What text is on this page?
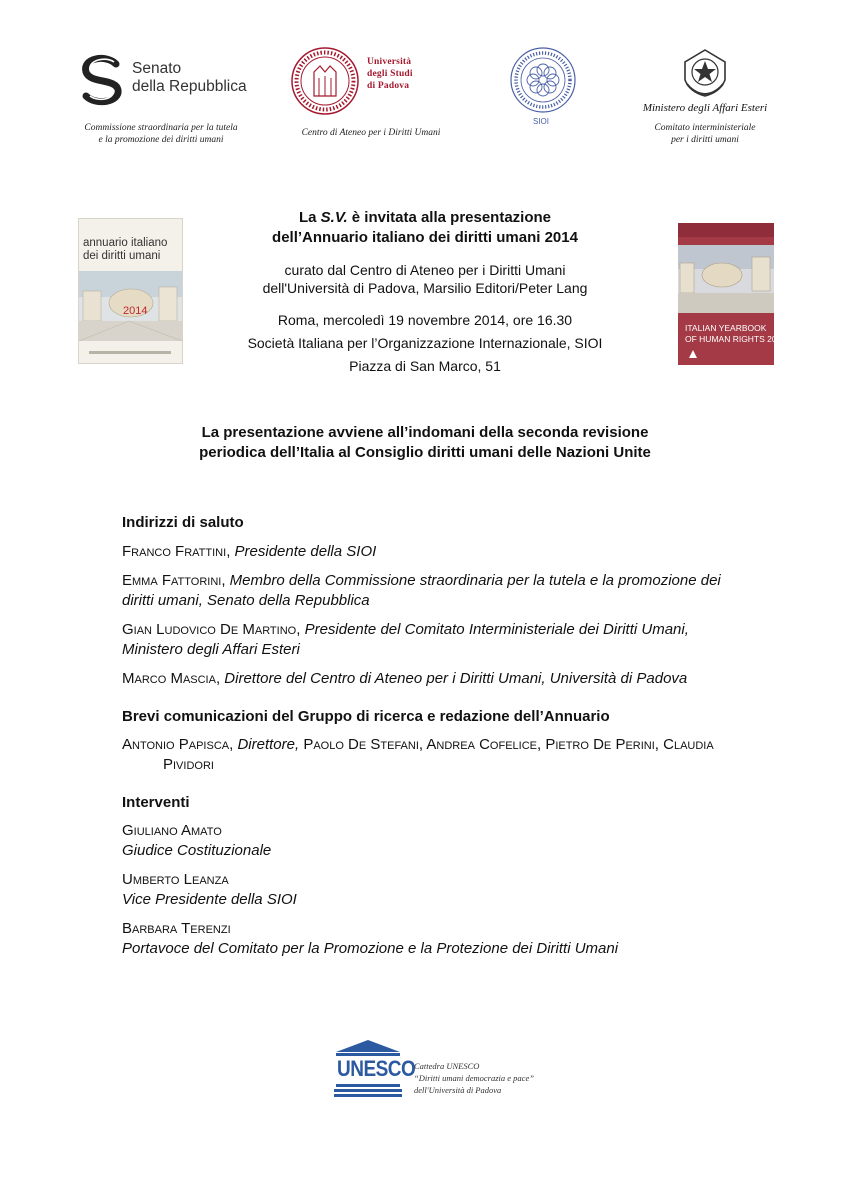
Senato
della Repubblica
Commissione straordinaria per la tutela
e la promozione dei diritti umani
Università
degli Studi
di Padova
Centro di Ateneo per i Diritti Umani
SIOI
Ministero degli Affari Esteri
Comitato interministeriale
per i diritti umani
annuario italiano
dei diritti umani
2014
ITALIAN YEARBOOK
OF HUMAN RIGHTS 2014
La S.V. è invitata alla presentazione
dell’Annuario italiano dei diritti umani 2014
curato dal Centro di Ateneo per i Diritti Umani
dell'Università di Padova, Marsilio Editori/Peter Lang
Roma, mercoledì 19 novembre 2014, ore 16.30
Società Italiana per l’Organizzazione Internazionale, SIOI
Piazza di San Marco, 51
La presentazione avviene all’indomani della seconda revisione
periodica dell’Italia al Consiglio diritti umani delle Nazioni Unite
Indirizzi di saluto
Franco Frattini, Presidente della SIOI
Emma Fattorini, Membro della Commissione straordinaria per la tutela e la promozione dei diritti umani, Senato della Repubblica
Gian Ludovico De Martino, Presidente del Comitato Interministeriale dei Diritti Umani, Ministero degli Affari Esteri
Marco Mascia, Direttore del Centro di Ateneo per i Diritti Umani, Università di Padova
Brevi comunicazioni del Gruppo di ricerca e redazione dell’Annuario
Antonio Papisca, Direttore, Paolo De Stefani, Andrea Cofelice, Pietro De Perini, Claudia Pividori
Interventi
Giuliano Amato
Giudice Costituzionale
Umberto Leanza
Vice Presidente della SIOI
Barbara Terenzi
Portavoce del Comitato per la Promozione e la Protezione dei Diritti Umani
UNESCO
Cattedra UNESCO
“Diritti umani democrazia e pace”
dell'Università di Padova
